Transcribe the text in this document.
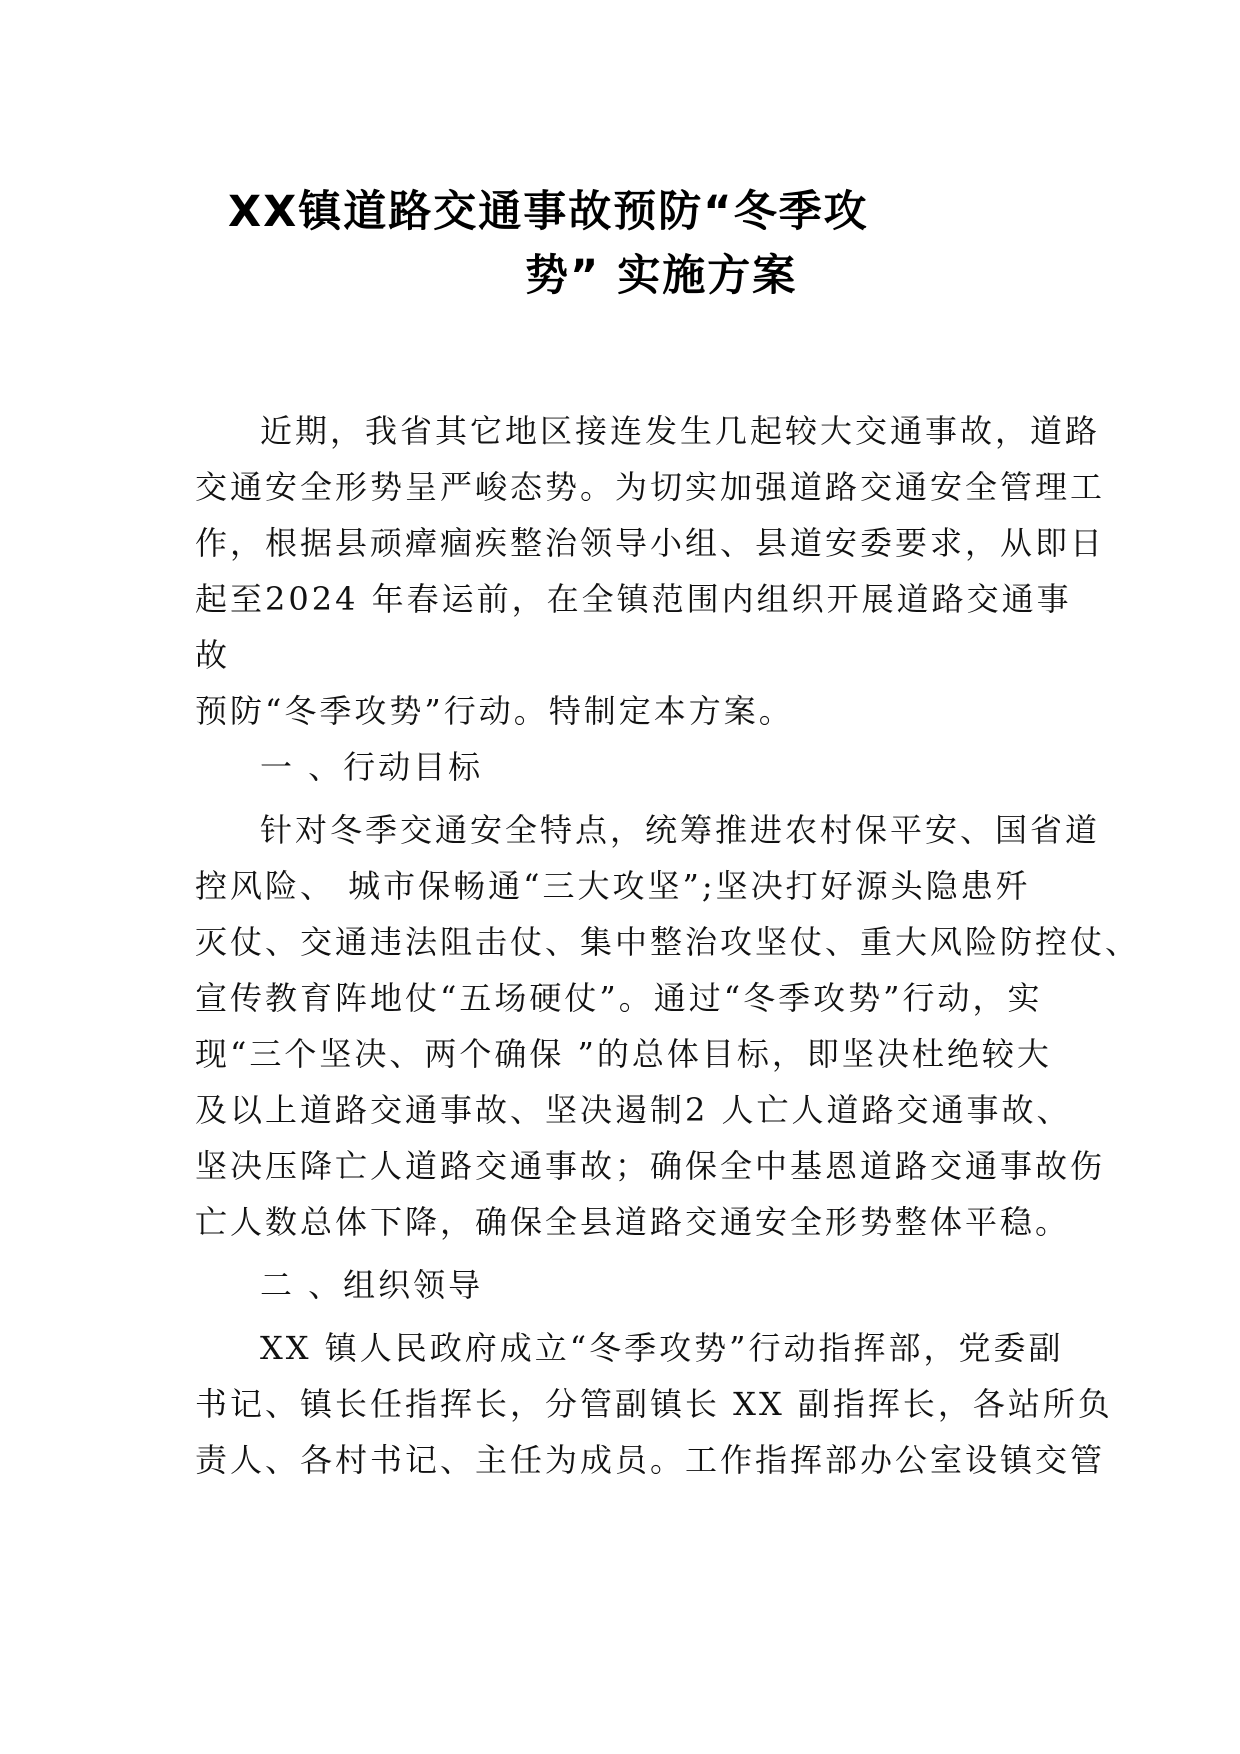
XX镇道路交通事故预防“冬季攻
势” 实施方案
近期，我省其它地区接连发生几起较大交通事故，道路
交通安全形势呈严峻态势。为切实加强道路交通安全管理工
作，根据县顽瘴痼疾整治领导小组、县道安委要求，从即日
起至2024 年春运前，在全镇范围内组织开展道路交通事
故
预防“冬季攻势”行动。特制定本方案。
一 、行动目标
针对冬季交通安全特点，统筹推进农村保平安、国省道
控风险、 城市保畅通“三大攻坚”;坚决打好源头隐患歼
灭仗、交通违法阻击仗、集中整治攻坚仗、重大风险防控仗、
宣传教育阵地仗“五场硬仗”。通过“冬季攻势”行动，实
现“三个坚决、两个确保 ”的总体目标，即坚决杜绝较大
及以上道路交通事故、坚决遏制2 人亡人道路交通事故、
坚决压降亡人道路交通事故；确保全中基恩道路交通事故伤
亡人数总体下降，确保全县道路交通安全形势整体平稳。
二 、组织领导
XX 镇人民政府成立“冬季攻势”行动指挥部，党委副
书记、镇长任指挥长，分管副镇长 XX 副指挥长，各站所负
责人、各村书记、主任为成员。工作指挥部办公室设镇交管
